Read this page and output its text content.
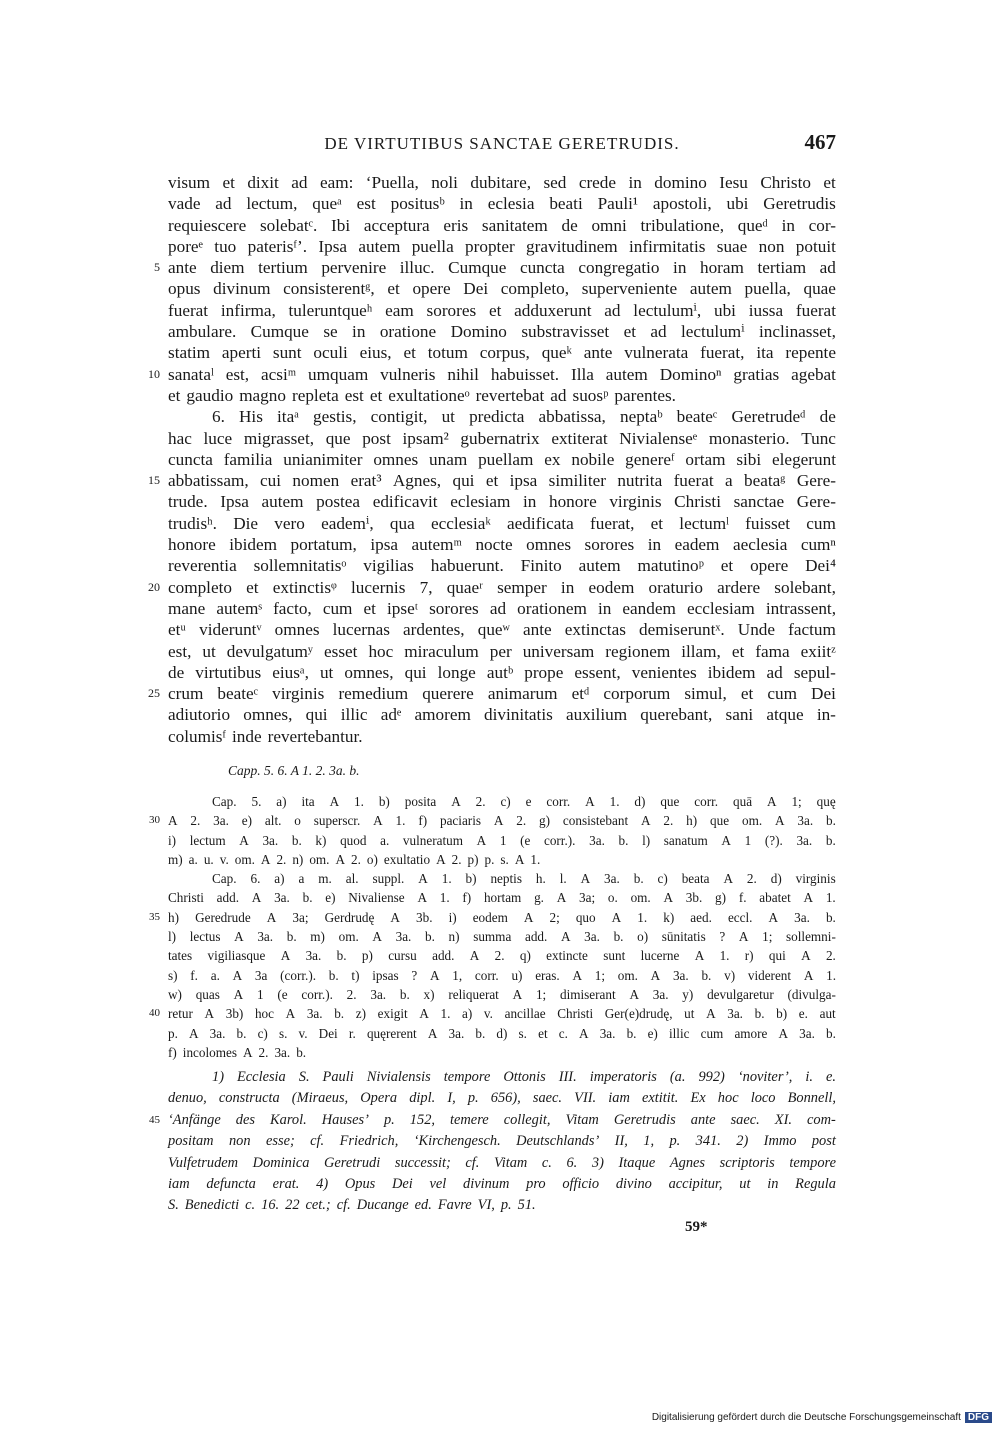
DE VIRTUTIBUS SANCTAE GERETRUDIS.	467
visum et dixit ad eam: ‘Puella, noli dubitare, sed crede in domino Iesu Christo et
vade ad lectum, queᵃ est positusᵇ in eclesia beati Pauli¹ apostoli, ubi Geretrudis
requiescere solebatᶜ. Ibi acceptura eris sanitatem de omni tribulatione, queᵈ in cor-
poreᵉ tuo paterisᶠ’. Ipsa autem puella propter gravitudinem infirmitatis suae non potuit
5 ante diem tertium pervenire illuc. Cumque cuncta congregatio in horam tertiam ad
opus divinum consisterentᵍ, et opere Dei completo, superveniente autem puella, quae
fuerat infirma, tuleruntqueʰ eam sorores et adduxerunt ad lectulumⁱ, ubi iussa fuerat
ambulare. Cumque se in oratione Domino substravisset et ad lectulumⁱ inclinasset,
statim aperti sunt oculi eius, et totum corpus, queᵏ ante vulnerata fuerat, ita repente
10 sanataˡ est, acsiᵐ umquam vulneris nihil habuisset. Illa autem Dominoⁿ gratias agebat
et gaudio magno repleta est et exultationeᵒ revertebat ad suosᵖ parentes.
6. His itaᵃ gestis, contigit, ut predicta abbatissa, neptaᵇ beateᶜ Geretrudeᵈ de
hac luce migrasset, que post ipsam² gubernatrix extiterat Nivialenseᵉ monasterio. Tunc
cuncta familia unianimiter omnes unam puellam ex nobile genereᶠ ortam sibi elegerunt
15 abbatissam, cui nomen erat³ Agnes, qui et ipsa similiter nutrita fuerat a beataᵍ Gere-
trude. Ipsa autem postea edificavit eclesiam in honore virginis Christi sanctae Gere-
trudisʰ. Die vero eademⁱ, qua ecclesiaᵏ aedificata fuerat, et lectumˡ fuisset cum
honore ibidem portatum, ipsa autemᵐ nocte omnes sorores in eadem aeclesia cumⁿ
reverentia sollemnitatisᵒ vigilias habuerunt. Finito autem matutinoᵖ et opere Dei⁴
20 completo et extinctisᵠ lucernis 7, quaeʳ semper in eodem oraturio ardere solebant,
mane autemˢ facto, cum et ipseᵗ sorores ad orationem in eandem ecclesiam intrassent,
etᵘ videruntᵛ omnes lucernas ardentes, queʷ ante extinctas demiseruntˣ. Unde factum
est, ut devulgatumʸ esset hoc miraculum per universam regionem illam, et fama exiitᶻ
de virtutibus eiusᵃ, ut omnes, qui longe autᵇ prope essent, venientes ibidem ad sepul-
25 crum beateᶜ virginis remedium querere animarum etᵈ corporum simul, et cum Dei
adiutorio omnes, qui illic adᵉ amorem divinitatis auxilium querebant, sani atque in-
columisᶠ inde revertebantur.
Capp. 5. 6. A 1. 2. 3a. b.
Cap. 5. a) ita A 1. b) posita A 2. c) e corr. A 1. d) que corr. quā A 1; quę
30 A 2. 3a. e) alt. o superscr. A 1. f) paciaris A 2. g) consistebant A 2. h) que om. A 3a. b.
i) lectum A 3a. b. k) quod a. vulneratum A 1 (e corr.). 3a. b. l) sanatum A 1 (?). 3a. b.
m) a. u. v. om. A 2. n) om. A 2. o) exultatio A 2. p) p. s. A 1.
Cap. 6. a) a m. al. suppl. A 1. b) neptis h. l. A 3a. b. c) beata A 2. d) virginis
Christi add. A 3a. b. e) Nivaliense A 1. f) hortam g. A 3a; o. om. A 3b. g) f. abatet A 1.
35 h) Geredrude A 3a; Gerdrudę A 3b. i) eodem A 2; quo A 1. k) aed. eccl. A 3a. b.
l) lectus A 3a. b. m) om. A 3a. b. n) summa add. A 3a. b. o) sūnitatis ? A 1; sollemni-
tates vigiliasque A 3a. b. p) cursu add. A 2. q) extincte sunt lucerne A 1. r) qui A 2.
s) f. a. A 3a (corr.). b. t) ipsas ? A 1, corr. u) eras. A 1; om. A 3a. b. v) viderent A 1.
w) quas A 1 (e corr.). 2. 3a. b. x) reliquerat A 1; dimiserant A 3a. y) devulgaretur (divulga-
40 retur A 3b) hoc A 3a. b. z) exigit A 1. a) v. ancillae Christi Ger(e)drudę, ut A 3a. b. b) e. aut
p. A 3a. b. c) s. v. Dei r. quęrerent A 3a. b. d) s. et c. A 3a. b. e) illic cum amore A 3a. b.
f) incolomes A 2. 3a. b.
1) Ecclesia S. Pauli Nivialensis tempore Ottonis III. imperatoris (a. 992) ‘noviter’, i. e.
denuo, constructa (Miraeus, Opera dipl. I, p. 656), saec. VII. iam extitit. Ex hoc loco Bonnell,
45 ‘Anfänge des Karol. Hauses’ p. 152, temere collegit, Vitam Geretrudis ante saec. XI. com-
positam non esse; cf. Friedrich, ‘Kirchengesch. Deutschlands’ II, 1, p. 341. 2) Immo post
Vulfetrudem Dominica Geretrudi successit; cf. Vitam c. 6. 3) Itaque Agnes scriptoris tempore
iam defuncta erat. 4) Opus Dei vel divinum pro officio divino accipitur, ut in Regula
S. Benedicti c. 16. 22 cet.; cf. Ducange ed. Favre VI, p. 51.
59*
Digitalisierung gefördert durch die Deutsche Forschungsgemeinschaft DFG
